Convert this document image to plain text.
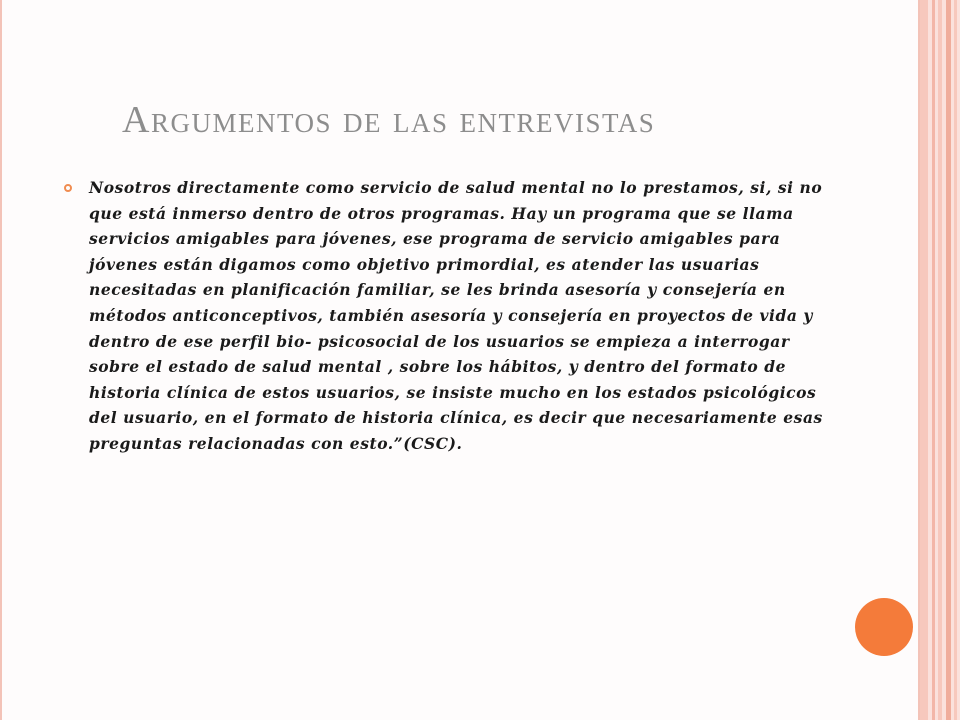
Argumentos de las entrevistas

Nosotros directamente como servicio de salud mental no lo prestamos, si, si no que está inmerso dentro de otros programas. Hay un programa que se llama servicios amigables para jóvenes, ese programa de servicio amigables para jóvenes están digamos como objetivo primordial, es atender las usuarias necesitadas en planificación familiar, se les brinda asesoría y consejería en métodos anticonceptivos, también asesoría y consejería en proyectos de vida y dentro de ese perfil bio- psicosocial de los usuarios se empieza a interrogar sobre el estado de salud mental , sobre los hábitos, y dentro del formato de historia clínica de estos usuarios, se insiste mucho en los estados psicológicos del usuario, en el formato de historia clínica, es decir que necesariamente esas preguntas relacionadas con esto.”(CSC).
